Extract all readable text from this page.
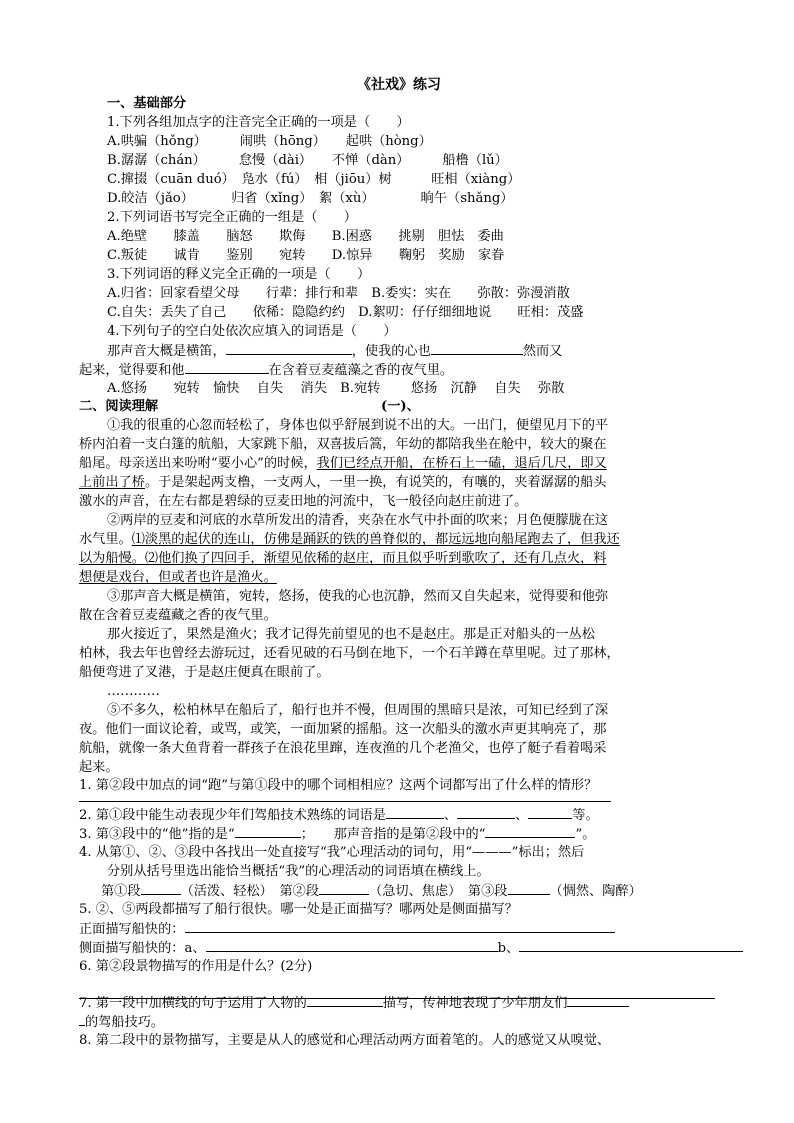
《社戏》练习
一、基础部分
1.下列各组加点字的注音完全正确的一项是（　　）
A.哄骗（hǒng）　　　闹哄（hōng）　　起哄（hòng）
B.潺潺（chán）　　　怠慢（dài）　　不惮（dàn）　　　船橹（lǔ）
C.撺掇（cuān duó）　凫水（fú）　相（jiōu）树　　　旺相（xiàng）
D.皎洁（jǎo）　　　 归省（xǐng）　絮（xù）　　　　晌午（shǎng）
2.下列词语书写完全正确的一组是（　　）
A.绝壁　　膝盖　　脑怒　　欺侮　　B.困惑　　挑剔　胆怯　委曲
C.叛徒　　诚肯　　鉴别　　宛转　　D.惊异　　鞠躬　奖励　家眷
3.下列词语的释义完全正确的一项是（　　）
A.归省：回家看望父母　　行辈：排行和辈　B.委实：实在　　弥散：弥漫消散
C.自失：丢失了自己　　依稀：隐隐约约　D.絮叨：仔仔细细地说　　旺相：茂盛
4.下列句子的空白处依次应填入的词语是（　　）
那声音大概是横笛，	，使我的心也	然而又
起来，觉得要和他	在含着豆麦蕴藻之香的夜气里。
A.悠扬　　宛转　愉快　 自失　 消失　B.宛转　　 悠扬　沉静　 自失　 弥散
二、阅读理解	(一)、
①我的很重的心忽而轻松了，身体也似乎舒展到说不出的大。一出门，便望见月下的平
桥内泊着一支白篷的航船，大家跳下船，双喜拔后篙，年幼的都陪我坐在舱中，较大的聚在
船尾。母亲送出来吩咐“要小心”的时候，我们已经点开船，在桥石上一磕，退后几尺，即又
上前出了桥。于是架起两支橹，一支两人，一里一换，有说笑的，有嚷的，夹着潺潺的船头
激水的声音，在左右都是碧绿的豆麦田地的河流中，飞一般径向赵庄前进了。
②两岸的豆麦和河底的水草所发出的清香，夹杂在水气中扑面的吹来；月色便朦胧在这
水气里。⑴淡黑的起伏的连山，仿佛是踊跃的铁的兽脊似的，都远远地向船尾跑去了，但我还
以为船慢。⑵他们换了四回手，渐望见依稀的赵庄，而且似乎听到歌吹了，还有几点火，料
想便是戏台，但或者也许是渔火。
③那声音大概是横笛，宛转，悠扬，使我的心也沉静，然而又自失起来，觉得要和他弥
散在含着豆麦蕴藏之香的夜气里。
那火接近了，果然是渔火；我才记得先前望见的也不是赵庄。那是正对船头的一丛松
柏林，我去年也曾经去游玩过，还看见破的石马倒在地下，一个石羊蹲在草里呢。过了那林，
船便弯进了叉港，于是赵庄便真在眼前了。
…………
⑤不多久，松柏林早在船后了，船行也并不慢，但周围的黑暗只是浓，可知已经到了深
夜。他们一面议论着，或骂，或笑，一面加紧的摇船。这一次船头的激水声更其响亮了，那
航船，就像一条大鱼背着一群孩子在浪花里蹿，连夜渔的几个老渔父，也停了艇子看着喝采
起来。
1. 第②段中加点的词“跑”与第①段中的哪个词相相应？这两个词都写出了什么样的情形？
2. 第①段中能生动表现少年们驾船技术熟练的词语是	、	、	等。
3. 第③段中的“他”指的是“	；　　那声音指的是第②段中的“	”。
4. 从第①、②、③段中各找出一处直接写“我”心理活动的词句，用“———”标出；然后
分别从括号里选出能恰当概括“我”的心理活动的词语填在横线上。
第①段	（活泼、轻松）　第②段	（急切、焦虑）　第③段	（惆然、陶醉）
5. ②、⑤两段都描写了船行很快。哪一处是正面描写？哪两处是侧面描写？
正面描写船快的：
侧面描写船快的：a、	b、
6. 第②段景物描写的作用是什么？(2分)
7. 第一段中加横线的句子运用了人物的	描写，传神地表现了少年朋友们
的驾船技巧。
8. 第二段中的景物描写，主要是从人的感觉和心理活动两方面着笔的。人的感觉又从嗅觉、
